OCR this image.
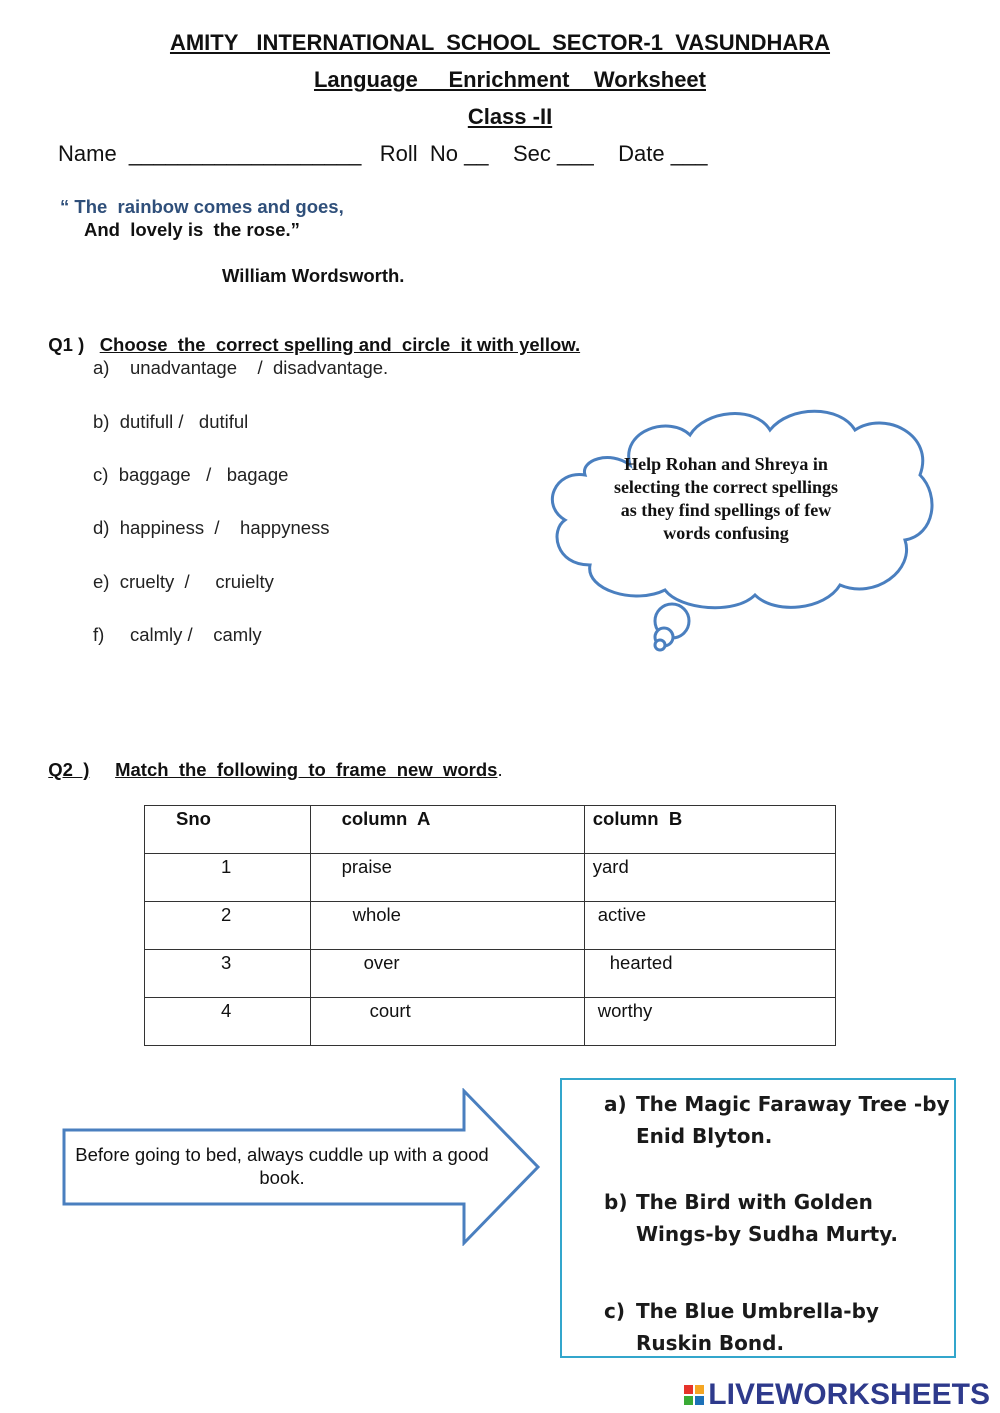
AMITY   INTERNATIONAL  SCHOOL  SECTOR-1  VASUNDHARA
Language     Enrichment    Worksheet
Class -II
Name  ___________________   Roll  No __    Sec ___    Date ___
“ The  rainbow comes and goes,
And  lovely is  the rose.”
William Wordsworth.

Q1 ) Choose  the  correct spelling and  circle  it with yellow.

a)    unadvantage    /  disadvantage.
b)  dutifull /   dutiful
c)  baggage   /   bagage
d)  happiness  /    happyness
e)  cruelty  /     cruielty
f)     calmly /    camly
Help Rohan and Shreya in selecting the correct spellings as they find spellings of few words confusing

Q2  ) Match  the  following  to  frame  new  words.

Sno	column  A	column  B
1	praise	yard
2	whole	active
3	over	hearted
4	court	worthy
Before going to bed, always cuddle up with a good book.
a) The Magic Faraway Tree -by Enid Blyton.
b) The Bird with Golden Wings-by Sudha Murty.
c) The Blue Umbrella-by Ruskin Bond.
LIVEWORKSHEETS
